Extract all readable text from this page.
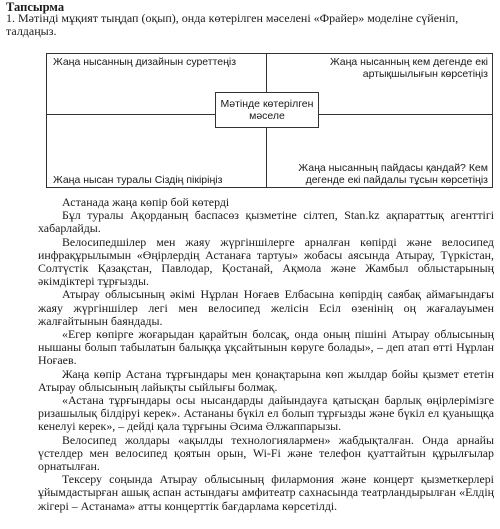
Тапсырма
1. Мәтінді мұқият тыңдап (оқып), онда көтерілген мәселені «Фрайер» моделіне сүйеніп, талдаңыз.
Жаңа нысанның дизайнын суреттеңіз	Жаңа нысанның кем дегенде екі артықшылығын көрсетіңіз
Жаңа нысан туралы Сіздің пікіріңіз
Жаңа нысанның пайдасы қандай? Кем дегенде екі пайдалы тұсын көрсетіңіз
Мәтінде көтерілген мәселе

Астанада жаңа көпір бой көтерді

Бұл туралы Ақорданың баспасөз қызметіне сілтеп, Stan.kz ақпараттық агенттігі хабарлайды.

Велосипедшілер мен жаяу жүргіншілерге арналған көпірді және велосипед инфрақұрылымын «Өңірлердің Астанаға тартуы» жобасы аясында Атырау, Түркістан, Солтүстік Қазақстан, Павлодар, Қостанай, Ақмола және Жамбыл облыстарының әкімдіктері тұрғызды.

Атырау облысының әкімі Нұрлан Ноғаев Елбасына көпірдің саябақ аймағындағы жаяу жүргіншілер легі мен велосипед желісін Есіл өзенінің оң жағалауымен жалғайтынын баяндады.

«Егер көпірге жоғарыдан қарайтын болсақ, онда оның пішіні Атырау облысының нышаны болып табылатын балыққа ұқсайтынын көруге болады», – деп атап өтті Нұрлан Ноғаев.

Жаңа көпір Астана тұрғындары мен қонақтарына көп жылдар бойы қызмет ететін Атырау облысының лайықты сыйлығы болмақ.

«Астана тұрғындары осы нысандарды дайындауға қатысқан барлық өңірлерімізге ризашылық білдіруі керек». Астананы бүкіл ел болып тұрғызды және бүкіл ел қуаныщқа кенелуі керек», – дейді қала тұрғыны Әсима Әлжаппарызы.

Велосипед жолдары «ақылды технологиялармен» жабдықталған. Онда арнайы үстелдер мен велосипед қоятын орын, Wi-Fi және телефон қуаттайтын құрылғылар орнатылған.

Тексеру соңында Атырау облысының филармония және концерт қызметкерлері ұйымдастырған ашық аспан астындағы амфитеатр сахнасында театрландырылған «Елдің жігері – Астанама» атты концерттік бағдарлама көрсетілді.
